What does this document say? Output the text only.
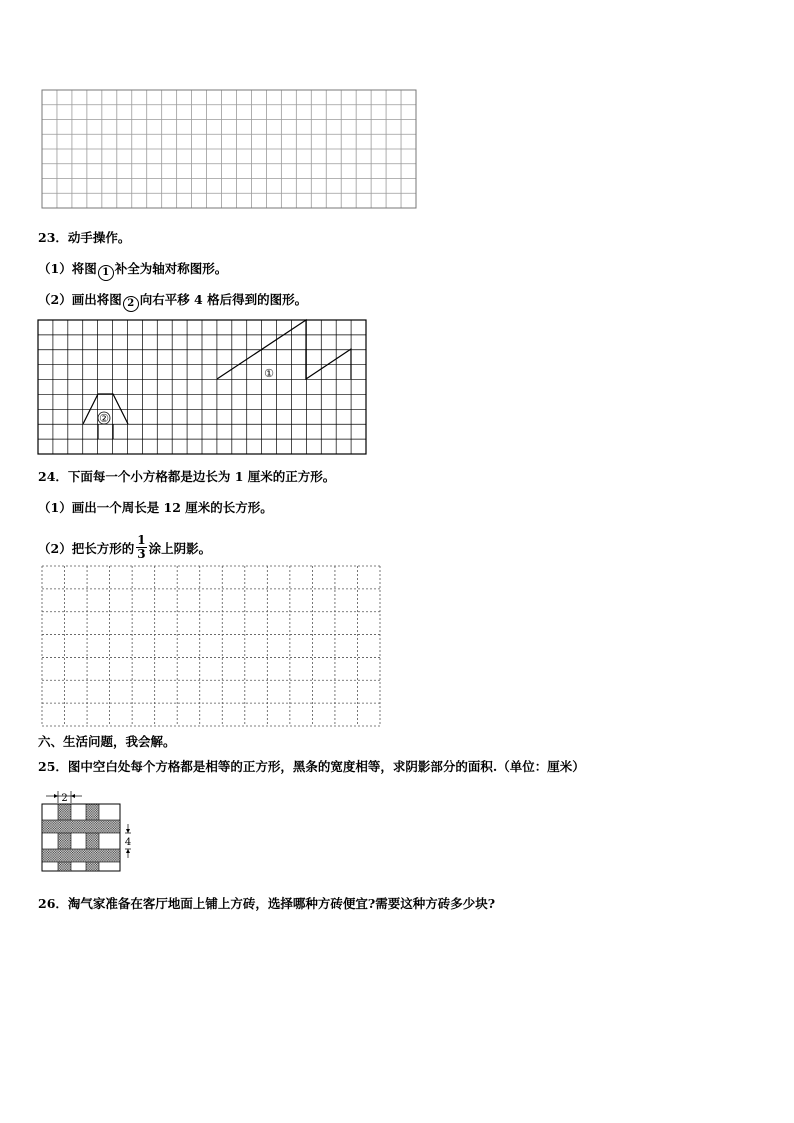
23．动手操作。
（1）将图 1 补全为轴对称图形。
（2）画出将图 2 向右平移 4 格后得到的图形。
①
②
24．下面每一个小方格都是边长为 1 厘米的正方形。
（1）画出一个周长是 12 厘米的长方形。
（2）把长方形的 $\frac{1}{3}$ 涂上阴影。
六、生活问题，我会解。
25．图中空白处每个方格都是相等的正方形，黑条的宽度相等，求阴影部分的面积.（单位：厘米）
2
4
26．淘气家准备在客厅地面上铺上方砖，选择哪种方砖便宜?需要这种方砖多少块?
